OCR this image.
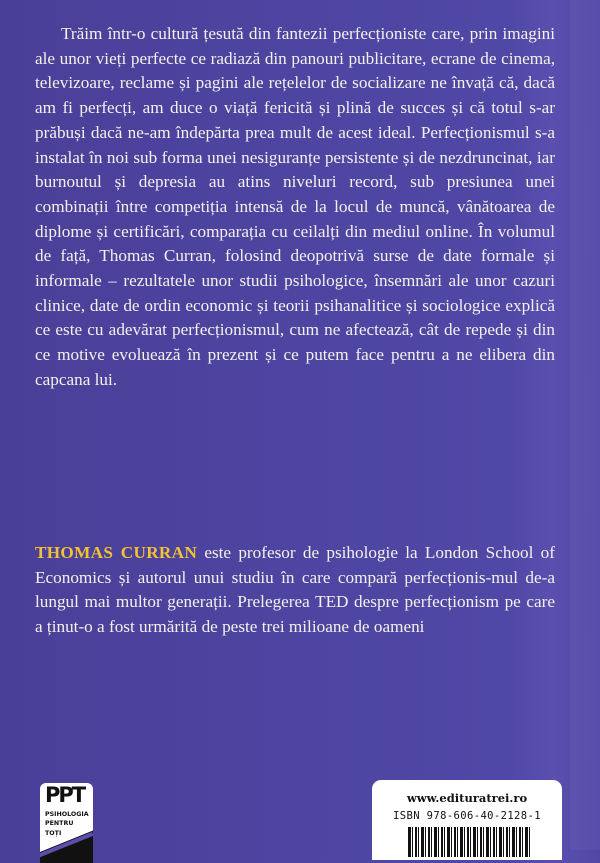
Trăim într-o cultură țesută din fantezii perfecționiste care, prin imagini ale unor vieți perfecte ce radiază din panouri publicitare, ecrane de cinema, televizoare, reclame și pagini ale rețelelor de socializare ne învață că, dacă am fi perfecți, am duce o viață fericită și plină de succes și că totul s-ar prăbuși dacă ne-am îndepărta prea mult de acest ideal. Perfecționismul s-a instalat în noi sub forma unei nesiguranțe persistente și de nezdruncinat, iar burnoutul și depresia au atins niveluri record, sub presiunea unei combinații între competiția intensă de la locul de muncă, vânătoarea de diplome și certificări, comparația cu ceilalți din mediul online. În volumul de față, Thomas Curran, folosind deopotrivă surse de date formale și informale – rezultatele unor studii psihologice, însemnări ale unor cazuri clinice, date de ordin economic și teorii psihanalitice și sociologice explică ce este cu adevărat perfecționismul, cum ne afectează, cât de repede și din ce motive evoluează în prezent și ce putem face pentru a ne elibera din capcana lui.

THOMAS CURRAN este profesor de psihologie la London School of Economics și autorul unui studiu în care compară perfecționis-mul de-a lungul mai multor generații. Prelegerea TED despre perfecționism pe care a ținut-o a fost urmărită de peste trei milioane de oameni
PPT
PSIHOLOGIA
PENTRU
TOȚI
www.edituratrei.ro
ISBN 978-606-40-2128-1
